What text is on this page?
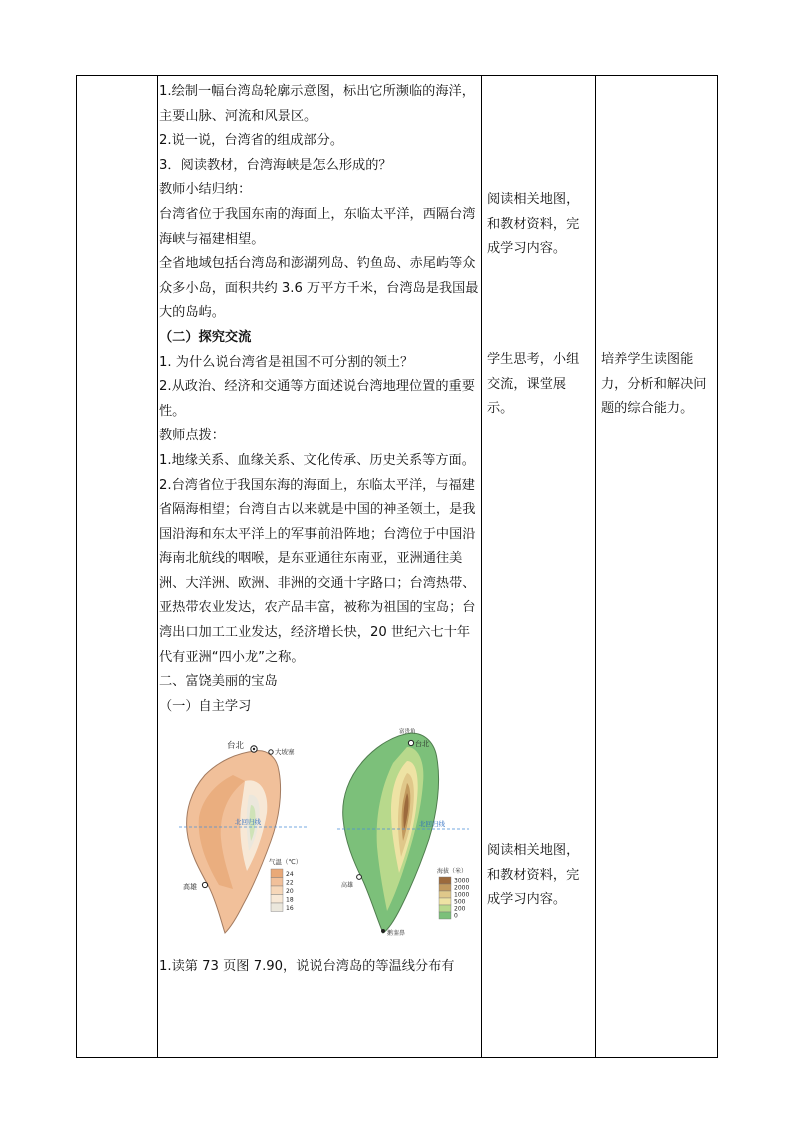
1.绘制一幅台湾岛轮廓示意图，标出它所濒临的海洋，主要山脉、河流和风景区。

2.说一说，台湾省的组成部分。

3．阅读教材，台湾海峡是怎么形成的？

教师小结归纳：

台湾省位于我国东南的海面上，东临太平洋，西隔台湾海峡与福建相望。

全省地域包括台湾岛和澎湖列岛、钓鱼岛、赤尾屿等众众多小岛，面积共约 3.6 万平方千米，台湾岛是我国最大的岛屿。

（二）探究交流

1. 为什么说台湾省是祖国不可分割的领土？

2.从政治、经济和交通等方面述说台湾地理位置的重要性。

教师点拨：

1.地缘关系、血缘关系、文化传承、历史关系等方面。

2.台湾省位于我国东海的海面上，东临太平洋，与福建省隔海相望；台湾自古以来就是中国的神圣领土，是我国沿海和东太平洋上的军事前沿阵地；台湾位于中国沿海南北航线的咽喉，是东亚通往东南亚，亚洲通往美洲、大洋洲、欧洲、非洲的交通十字路口；台湾热带、亚热带农业发达，农产品丰富，被称为祖国的宝岛；台湾出口加工工业发达，经济增长快，20 世纪六七十年代有亚洲“四小龙”之称。

二、富饶美丽的宝岛

（一）自主学习

北回归线
台北
大坡寨
高雄
气温（℃）
24
22
20
18
16
北回归线
台北
富贵角
高雄
鹅銮鼻
海拔（米）
3000
2000
1000
500
200
0

1.读第 73 页图 7.90，说说台湾岛的等温线分布有

阅读相关地图，和教材资料，完成学习内容。
学生思考，小组交流，课堂展示。
阅读相关地图，和教材资料，完成学习内容。
培养学生读图能力，分析和解决问题的综合能力。
